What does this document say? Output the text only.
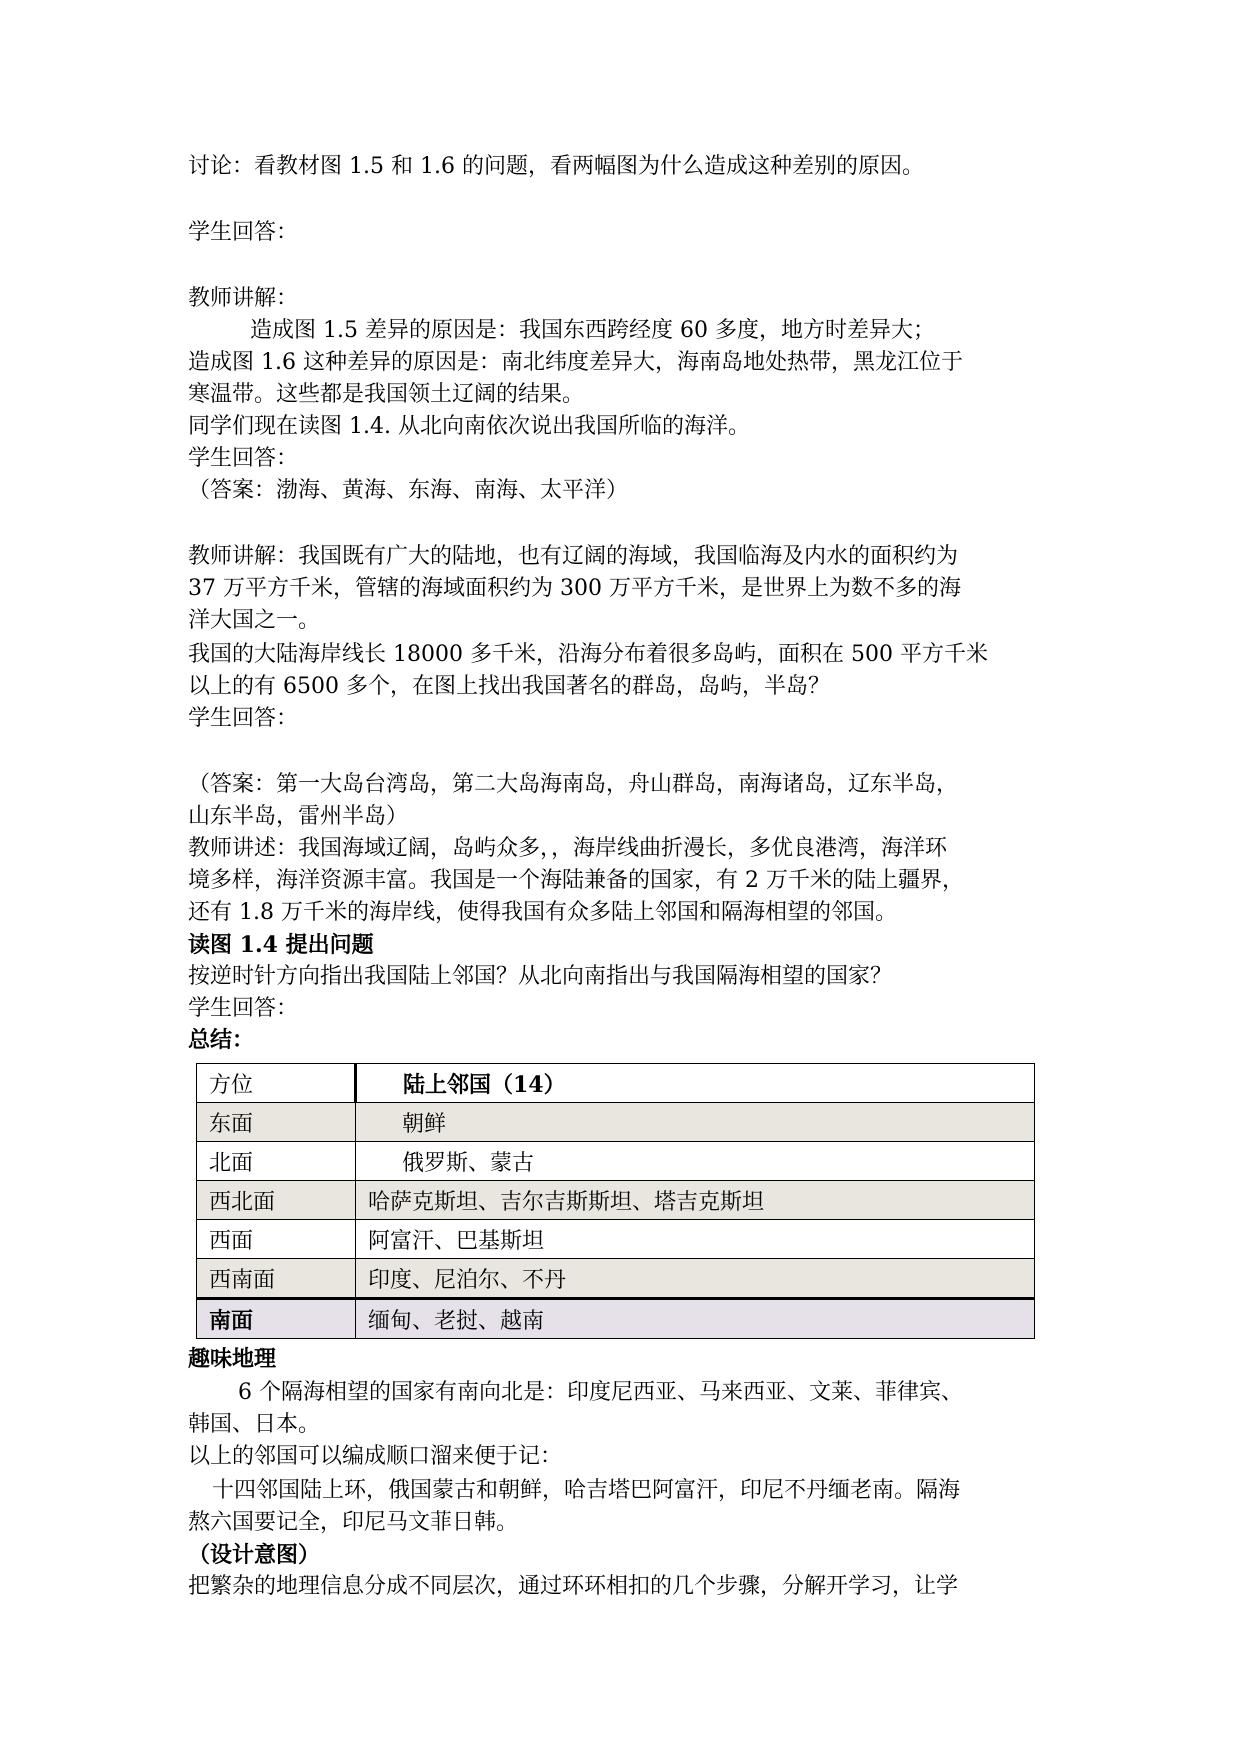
讨论：看教材图 1.5 和 1.6 的问题，看两幅图为什么造成这种差别的原因。
学生回答：
教师讲解：
造成图 1.5 差异的原因是：我国东西跨经度 60 多度，地方时差异大；
造成图 1.6 这种差异的原因是：南北纬度差异大，海南岛地处热带，黑龙江位于
寒温带。这些都是我国领土辽阔的结果。
同学们现在读图 1.4. 从北向南依次说出我国所临的海洋。
学生回答：
（答案：渤海、黄海、东海、南海、太平洋）
教师讲解：我国既有广大的陆地，也有辽阔的海域，我国临海及内水的面积约为
37 万平方千米，管辖的海域面积约为 300 万平方千米，是世界上为数不多的海
洋大国之一。
我国的大陆海岸线长 18000 多千米，沿海分布着很多岛屿，面积在 500 平方千米
以上的有 6500 多个，在图上找出我国著名的群岛，岛屿，半岛？
学生回答：
（答案：第一大岛台湾岛，第二大岛海南岛，舟山群岛，南海诸岛，辽东半岛，
山东半岛，雷州半岛）
教师讲述：我国海域辽阔，岛屿众多，，海岸线曲折漫长，多优良港湾，海洋环
境多样，海洋资源丰富。我国是一个海陆兼备的国家，有 2 万千米的陆上疆界，
还有 1.8 万千米的海岸线，使得我国有众多陆上邻国和隔海相望的邻国。
读图 1.4 提出问题
按逆时针方向指出我国陆上邻国？从北向南指出与我国隔海相望的国家？
学生回答：
总结：
方位	陆上邻国（14）
东面	朝鲜
北面	俄罗斯、蒙古
西北面	哈萨克斯坦、吉尔吉斯斯坦、塔吉克斯坦
西面	阿富汗、巴基斯坦
西南面	印度、尼泊尔、不丹
南面	缅甸、老挝、越南
趣味地理
6 个隔海相望的国家有南向北是：印度尼西亚、马来西亚、文莱、菲律宾、
韩国、日本。
以上的邻国可以编成顺口溜来便于记：
十四邻国陆上环，俄国蒙古和朝鲜，哈吉塔巴阿富汗，印尼不丹缅老南。隔海
熬六国要记全，印尼马文菲日韩。
（设计意图）
把繁杂的地理信息分成不同层次，通过环环相扣的几个步骤，分解开学习，让学
